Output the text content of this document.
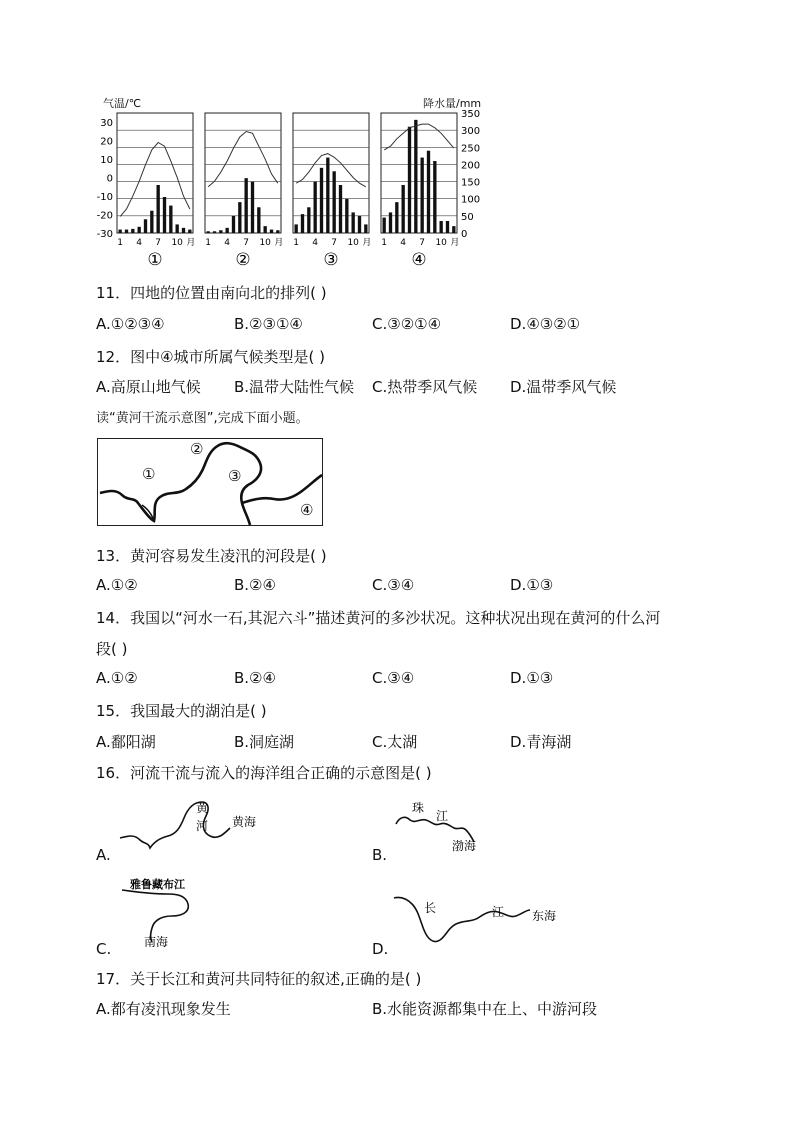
气温/℃	降水量/mm
30
20
10
0
-10
-20
-30
350
300
250
200
150
100
50
0
1 4 7 10 月
①
1 4 7 10 月
②
1 4 7 10 月
③
1 4 7 10 月
④
11．四地的位置由南向北的排列( )
A.①②③④	B.②③①④	C.③②①④	D.④③②①
12．图中④城市所属气候类型是( )
A.高原山地气候 B.温带大陆性气候 C.热带季风气候 D.温带季风气候
读“黄河干流示意图”,完成下面小题。
①
②
③
④
13．黄河容易发生凌汛的河段是( )
A.①②	B.②④	C.③④	D.①③
14．我国以“河水一石,其泥六斗”描述黄河的多沙状况。这种状况出现在黄河的什么河
段( )
A.①②	B.②④	C.③④	D.①③
15．我国最大的湖泊是( )
A.鄱阳湖	B.洞庭湖	C.太湖	D.青海湖
16．河流干流与流入的海洋组合正确的示意图是( )
A.
黄
河 黄海
B.
珠
江
渤海
C.
雅鲁藏布江
南海	D.
长	江 东海
17．关于长江和黄河共同特征的叙述,正确的是( )
A.都有凌汛现象发生	B.水能资源都集中在上、中游河段
